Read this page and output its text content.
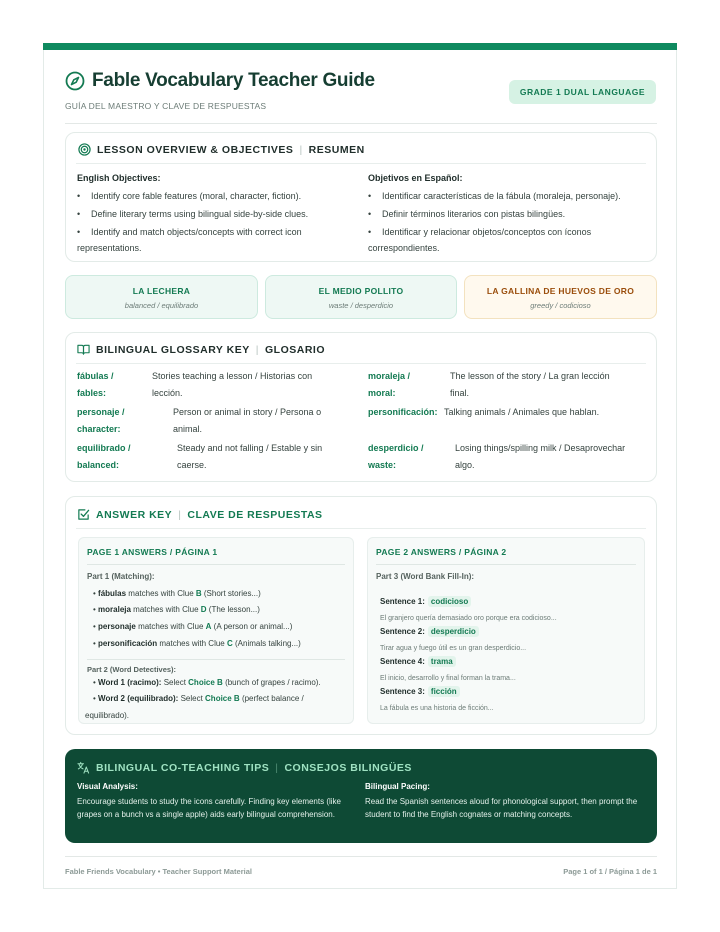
Fable Vocabulary Teacher Guide
GUÍA DEL MAESTRO Y CLAVE DE RESPUESTAS
GRADE 1 DUAL LANGUAGE
LESSON OVERVIEW & OBJECTIVES | RESUMEN
English Objectives:
• Identify core fable features (moral, character, fiction).
• Define literary terms using bilingual side-by-side clues.
• Identify and match objects/concepts with correct icon representations.
Objetivos en Español:
• Identificar características de la fábula (moraleja, personaje).
• Definir términos literarios con pistas bilingües.
• Identificar y relacionar objetos/conceptos con íconos correspondientes.
LA LECHERA
balanced / equilibrado
EL MEDIO POLLITO
waste / desperdicio
LA GALLINA DE HUEVOS DE ORO
greedy / codicioso
BILINGUAL GLOSSARY KEY | GLOSARIO
fábulas /
fables:
Stories teaching a lesson / Historias con
lección.
moraleja /
moral:
The lesson of the story / La gran lección
final.
personaje /
character:
Person or animal in story / Persona o
animal.
personificación: Talking animals / Animales que hablan.
equilibrado /
balanced:
Steady and not falling / Estable y sin
caerse.
desperdicio /
waste:
Losing things/spilling milk / Desaprovechar
algo.
ANSWER KEY | CLAVE DE RESPUESTAS
PAGE 1 ANSWERS / PÁGINA 1
Part 1 (Matching):
• fábulas matches with Clue B (Short stories...)
• moraleja matches with Clue D (The lesson...)
• personaje matches with Clue A (A person or animal...)
• personificación matches with Clue C (Animals talking...)
Part 2 (Word Detectives):
• Word 1 (racimo): Select Choice B (bunch of grapes / racimo).
• Word 2 (equilibrado): Select Choice B (perfect balance / equilibrado).
PAGE 2 ANSWERS / PÁGINA 2
Part 3 (Word Bank Fill-In):
Sentence 1: codicioso
El granjero quería demasiado oro porque era codicioso...
Sentence 2: desperdicio
Tirar agua y fuego útil es un gran desperdicio...
Sentence 4: trama
El inicio, desarrollo y final forman la trama...
Sentence 3: ficción
La fábula es una historia de ficción...
BILINGUAL CO-TEACHING TIPS | CONSEJOS BILINGÜES
Visual Analysis:
Encourage students to study the icons carefully. Finding key elements (like grapes on a bunch vs a single apple) aids early bilingual comprehension.
Bilingual Pacing:
Read the Spanish sentences aloud for phonological support, then prompt the student to find the English cognates or matching concepts.
Fable Friends Vocabulary • Teacher Support Material	Page 1 of 1 / Página 1 de 1
